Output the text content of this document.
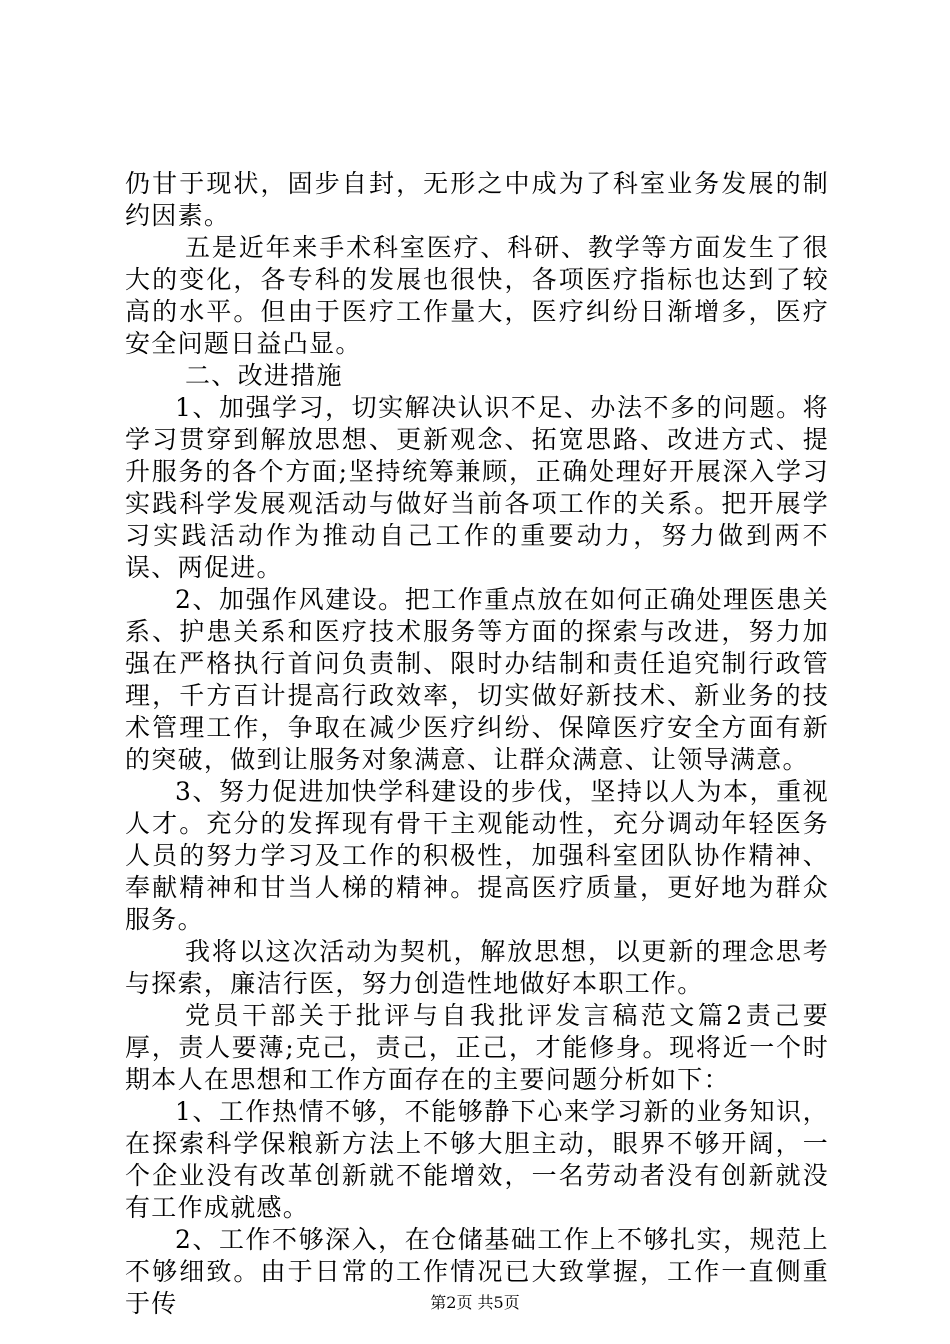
仍甘于现状，固步自封，无形之中成为了科室业务发展的制约因素。

五是近年来手术科室医疗、科研、教学等方面发生了很大的变化，各专科的发展也很快，各项医疗指标也达到了较高的水平。但由于医疗工作量大，医疗纠纷日渐增多，医疗安全问题日益凸显。

二、改进措施

1、加强学习，切实解决认识不足、办法不多的问题。将学习贯穿到解放思想、更新观念、拓宽思路、改进方式、提升服务的各个方面;坚持统筹兼顾，正确处理好开展深入学习实践科学发展观活动与做好当前各项工作的关系。把开展学习实践活动作为推动自己工作的重要动力，努力做到两不误、两促进。

2、加强作风建设。把工作重点放在如何正确处理医患关系、护患关系和医疗技术服务等方面的探索与改进，努力加强在严格执行首问负责制、限时办结制和责任追究制行政管理，千方百计提高行政效率，切实做好新技术、新业务的技术管理工作，争取在减少医疗纠纷、保障医疗安全方面有新的突破，做到让服务对象满意、让群众满意、让领导满意。

3、努力促进加快学科建设的步伐，坚持以人为本，重视人才。充分的发挥现有骨干主观能动性，充分调动年轻医务人员的努力学习及工作的积极性，加强科室团队协作精神、奉献精神和甘当人梯的精神。提高医疗质量，更好地为群众服务。

我将以这次活动为契机，解放思想，以更新的理念思考与探索，廉洁行医，努力创造性地做好本职工作。

党员干部关于批评与自我批评发言稿范文篇2责己要厚，责人要薄;克己，责己，正己，才能修身。现将近一个时期本人在思想和工作方面存在的主要问题分析如下：

1、工作热情不够，不能够静下心来学习新的业务知识，在探索科学保粮新方法上不够大胆主动，眼界不够开阔，一个企业没有改革创新就不能增效，一名劳动者没有创新就没有工作成就感。

2、工作不够深入，在仓储基础工作上不够扎实，规范上不够细致。由于日常的工作情况已大致掌握，工作一直侧重于传	第2页 共5页
